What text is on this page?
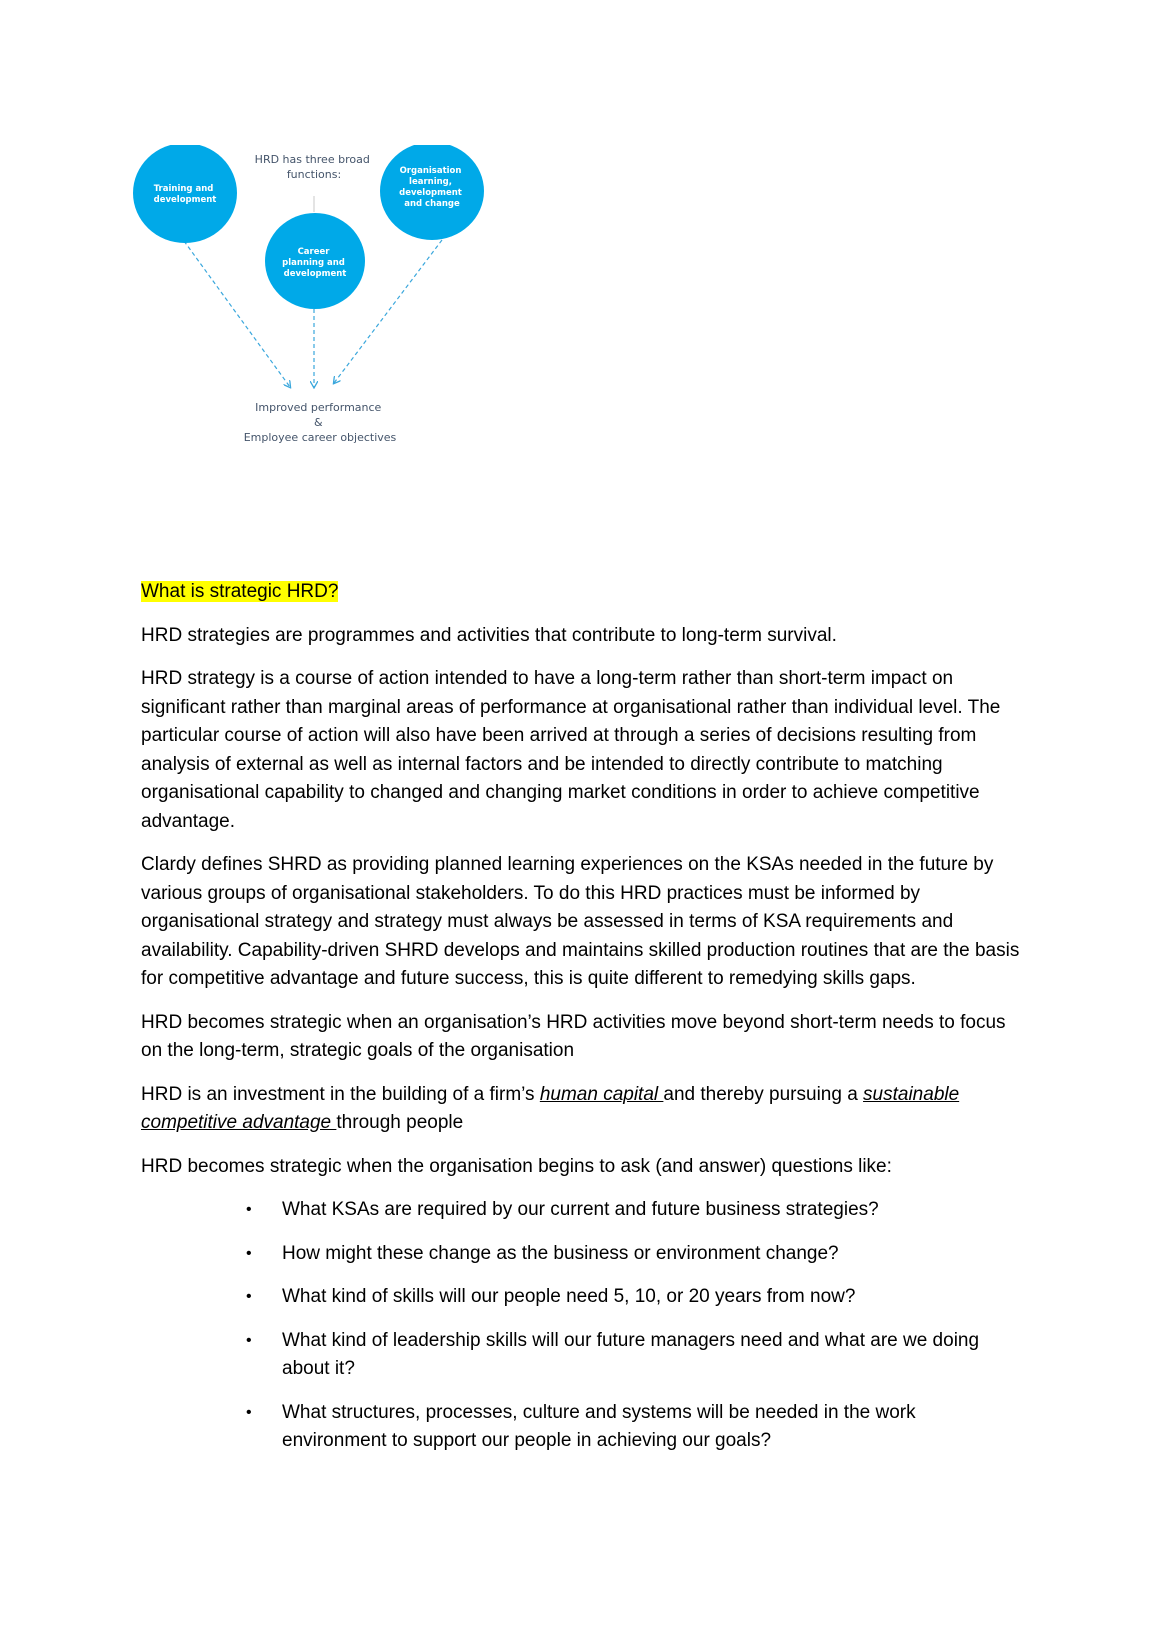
HRD has three broad functions:
Training and development
Career planning and development
Organisation learning, development and change
Improved performance & Employee career objectives

What is strategic HRD?

HRD strategies are programmes and activities that contribute to long-term survival.

HRD strategy is a course of action intended to have a long-term rather than short-term impact on significant rather than marginal areas of performance at organisational rather than individual level. The particular course of action will also have been arrived at through a series of decisions resulting from analysis of external as well as internal factors and be intended to directly contribute to matching organisational capability to changed and changing market conditions in order to achieve competitive advantage.

Clardy defines SHRD as providing planned learning experiences on the KSAs needed in the future by various groups of organisational stakeholders. To do this HRD practices must be informed by organisational strategy and strategy must always be assessed in terms of KSA requirements and availability. Capability-driven SHRD develops and maintains skilled production routines that are the basis for competitive advantage and future success, this is quite different to remedying skills gaps.

HRD becomes strategic when an organisation’s HRD activities move beyond short-term needs to focus on the long-term, strategic goals of the organisation

HRD is an investment in the building of a firm’s human capital and thereby pursuing a sustainable competitive advantage through people

HRD becomes strategic when the organisation begins to ask (and answer) questions like:

• What KSAs are required by our current and future business strategies?
• How might these change as the business or environment change?
• What kind of skills will our people need 5, 10, or 20 years from now?
• What kind of leadership skills will our future managers need and what are we doing about it?
• What structures, processes, culture and systems will be needed in the work environment to support our people in achieving our goals?
